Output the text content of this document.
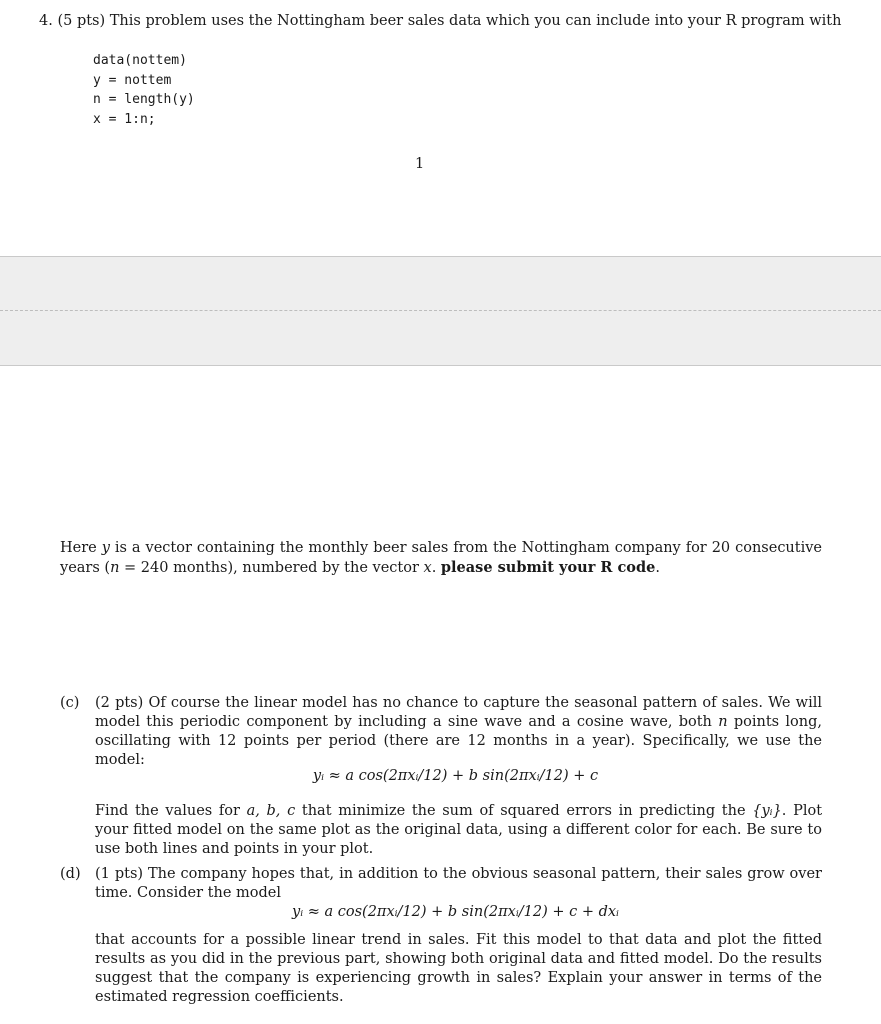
4. (5 pts) This problem uses the Nottingham beer sales data which you can include into your R program with
data(nottem)
y = nottem
n = length(y)
x = 1:n;
1
Here y is a vector containing the monthly beer sales from the Nottingham company for 20 consecutive years (n = 240 months), numbered by the vector x. please submit your R code.
(c) (2 pts) Of course the linear model has no chance to capture the seasonal pattern of sales. We will model this periodic component by including a sine wave and a cosine wave, both n points long, oscillating with 12 points per period (there are 12 months in a year). Specifically, we use the model:
yᵢ ≈ a cos(2πxᵢ/12) + b sin(2πxᵢ/12) + c
Find the values for a, b, c that minimize the sum of squared errors in predicting the {yᵢ}. Plot your fitted model on the same plot as the original data, using a different color for each. Be sure to use both lines and points in your plot.
(d) (1 pts) The company hopes that, in addition to the obvious seasonal pattern, their sales grow over time. Consider the model
yᵢ ≈ a cos(2πxᵢ/12) + b sin(2πxᵢ/12) + c + dxᵢ
that accounts for a possible linear trend in sales. Fit this model to that data and plot the fitted results as you did in the previous part, showing both original data and fitted model. Do the results suggest that the company is experiencing growth in sales? Explain your answer in terms of the estimated regression coefficients.
